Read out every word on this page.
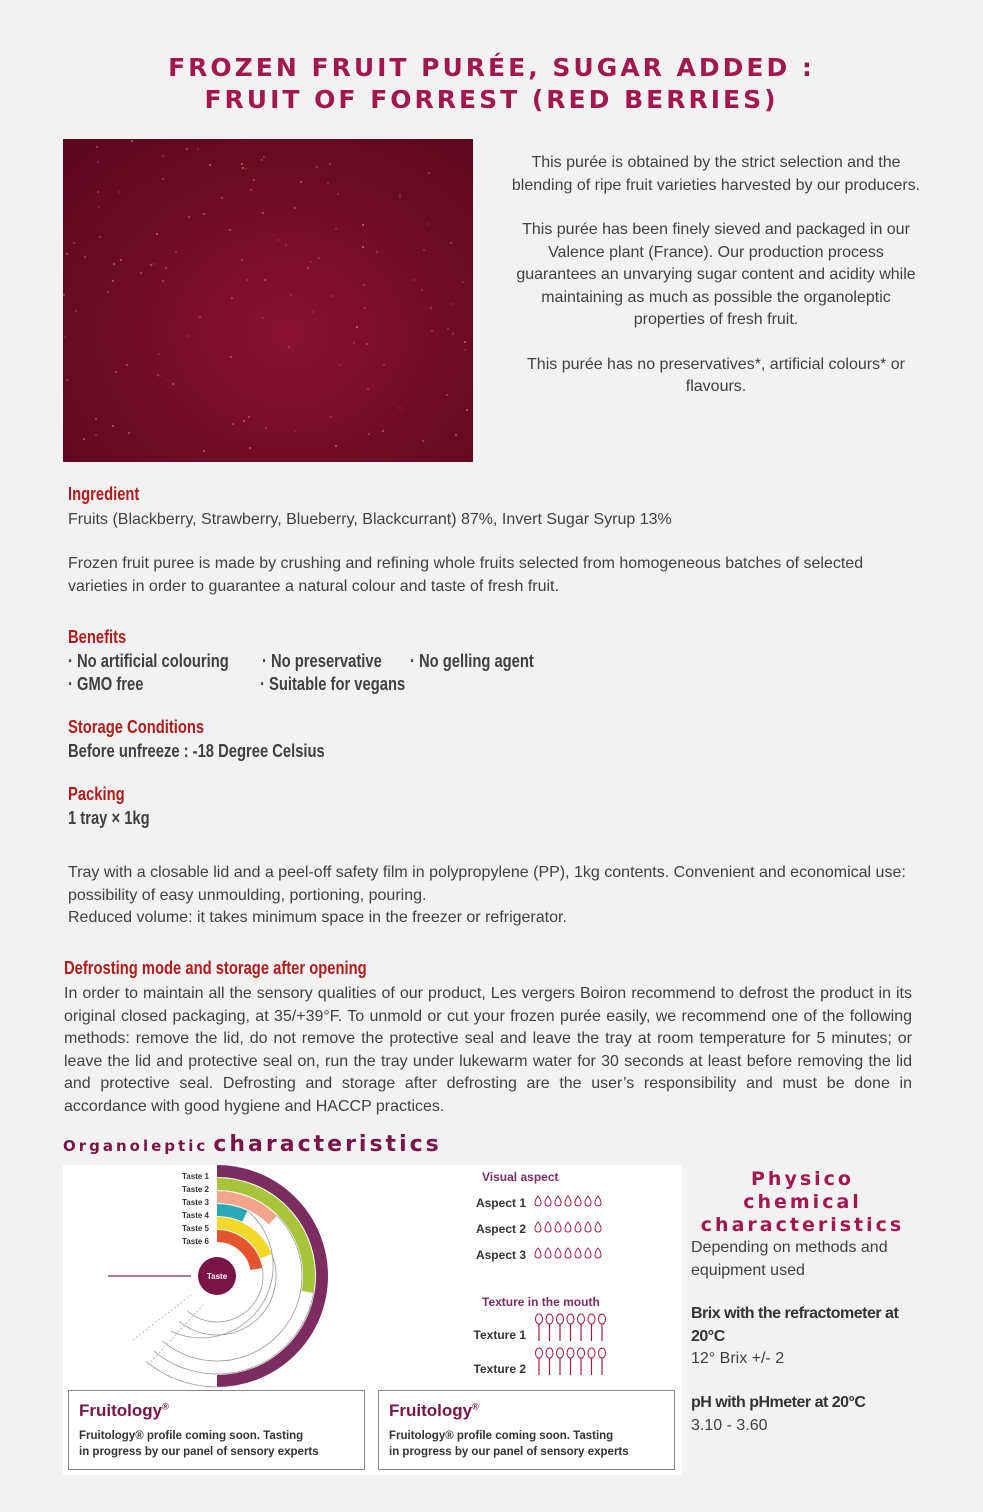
FROZEN FRUIT PURÉE, SUGAR ADDED :
FRUIT OF FORREST (RED BERRIES)

This purée is obtained by the strict selection and the blending of ripe fruit varieties harvested by our producers.

This purée has been finely sieved and packaged in our Valence plant (France). Our production process guarantees an unvarying sugar content and acidity while maintaining as much as possible the organoleptic properties of fresh fruit.

This purée has no preservatives*, artificial colours* or flavours.

Ingredient
Fruits (Blackberry, Strawberry, Blueberry, Blackcurrant) 87%, Invert Sugar Syrup 13%
Frozen fruit puree is made by crushing and refining whole fruits selected from homogeneous batches of selected varieties in order to guarantee a natural colour and taste of fresh fruit.
Benefits
· No artificial colouring · No preservative · No gelling agent
· GMO free	· Suitable for vegans
Storage Conditions
Before unfreeze : -18 Degree Celsius
Packing
1 tray × 1kg
Tray with a closable lid and a peel-off safety film in polypropylene (PP), 1kg contents. Convenient and economical use: possibility of easy unmoulding, portioning, pouring.
Reduced volume: it takes minimum space in the freezer or refrigerator.
Defrosting mode and storage after opening
In order to maintain all the sensory qualities of our product, Les vergers Boiron recommend to defrost the product in its original closed packaging, at 35/+39°F. To unmold or cut your frozen purée easily, we recommend one of the following methods: remove the lid, do not remove the protective seal and leave the tray at room temperature for 5 minutes; or leave the lid and protective seal on, run the tray under lukewarm water for 30 seconds at least before removing the lid and protective seal. Defrosting and storage after defrosting are the user’s responsibility and must be done in accordance with good hygiene and HACCP practices.
Organoleptic characteristics
Taste
Taste 1
Taste 2
Taste 3
Taste 4
Taste 5
Taste 6
Visual aspect
Aspect 1
Aspect 2
Aspect 3
Texture in the mouth
Texture 1
Texture 2
Fruitology®
Fruitology® profile coming soon. Tasting
in progress by our panel of sensory experts
Fruitology®
Fruitology® profile coming soon. Tasting
in progress by our panel of sensory experts
Physico chemical
characteristics
Depending on methods and equipment used
Brix with the refractometer at 20°C
12° Brix +/- 2
pH with pHmeter at 20°C
3.10 - 3.60
